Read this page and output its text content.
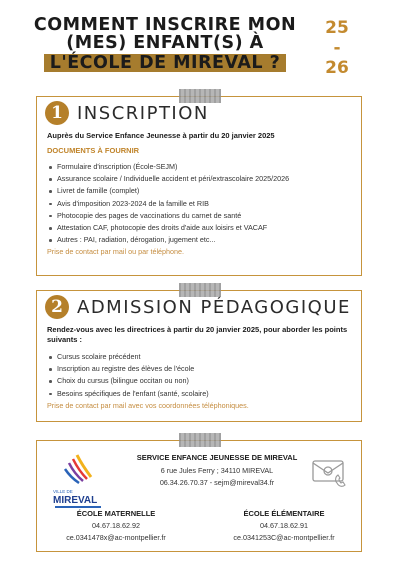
COMMENT INSCRIRE MON
(MES) ENFANT(S) À
L'ÉCOLE DE MIREVAL ?
25
-
26
1 INSCRIPTION
Auprès du Service Enfance Jeunesse à partir du 20 janvier 2025
DOCUMENTS À FOURNIR
Formulaire d'inscription (École-SEJM)
Assurance scolaire / Individuelle accident et péri/extrascolaire 2025/2026
Livret de famille (complet)
Avis d'imposition 2023-2024 de la famille et RIB
Photocopie des pages de vaccinations du carnet de santé
Attestation CAF, photocopie des droits d'aide aux loisirs et VACAF
Autres : PAI, radiation, dérogation, jugement etc...
Prise de contact par mail ou par téléphone.
2 ADMISSION PÉDAGOGIQUE
Rendez-vous avec les directrices à partir du 20 janvier 2025, pour aborder les points suivants :
Cursus scolaire précédent
Inscription au registre des élèves de l'école
Choix du cursus (bilingue occitan ou non)
Besoins spécifiques de l'enfant (santé, scolaire)
Prise de contact par mail avec vos coordonnées téléphoniques.
VILLE DE
MIREVAL
SERVICE ENFANCE JEUNESSE DE MIREVAL
6 rue Jules Ferry ; 34110 MIREVAL
06.34.26.70.37 - sejm@mireval34.fr
ÉCOLE MATERNELLE
04.67.18.62.92
ce.0341478x@ac-montpellier.fr
ÉCOLE ÉLÉMENTAIRE
04.67.18.62.91
ce.0341253C@ac-montpellier.fr
